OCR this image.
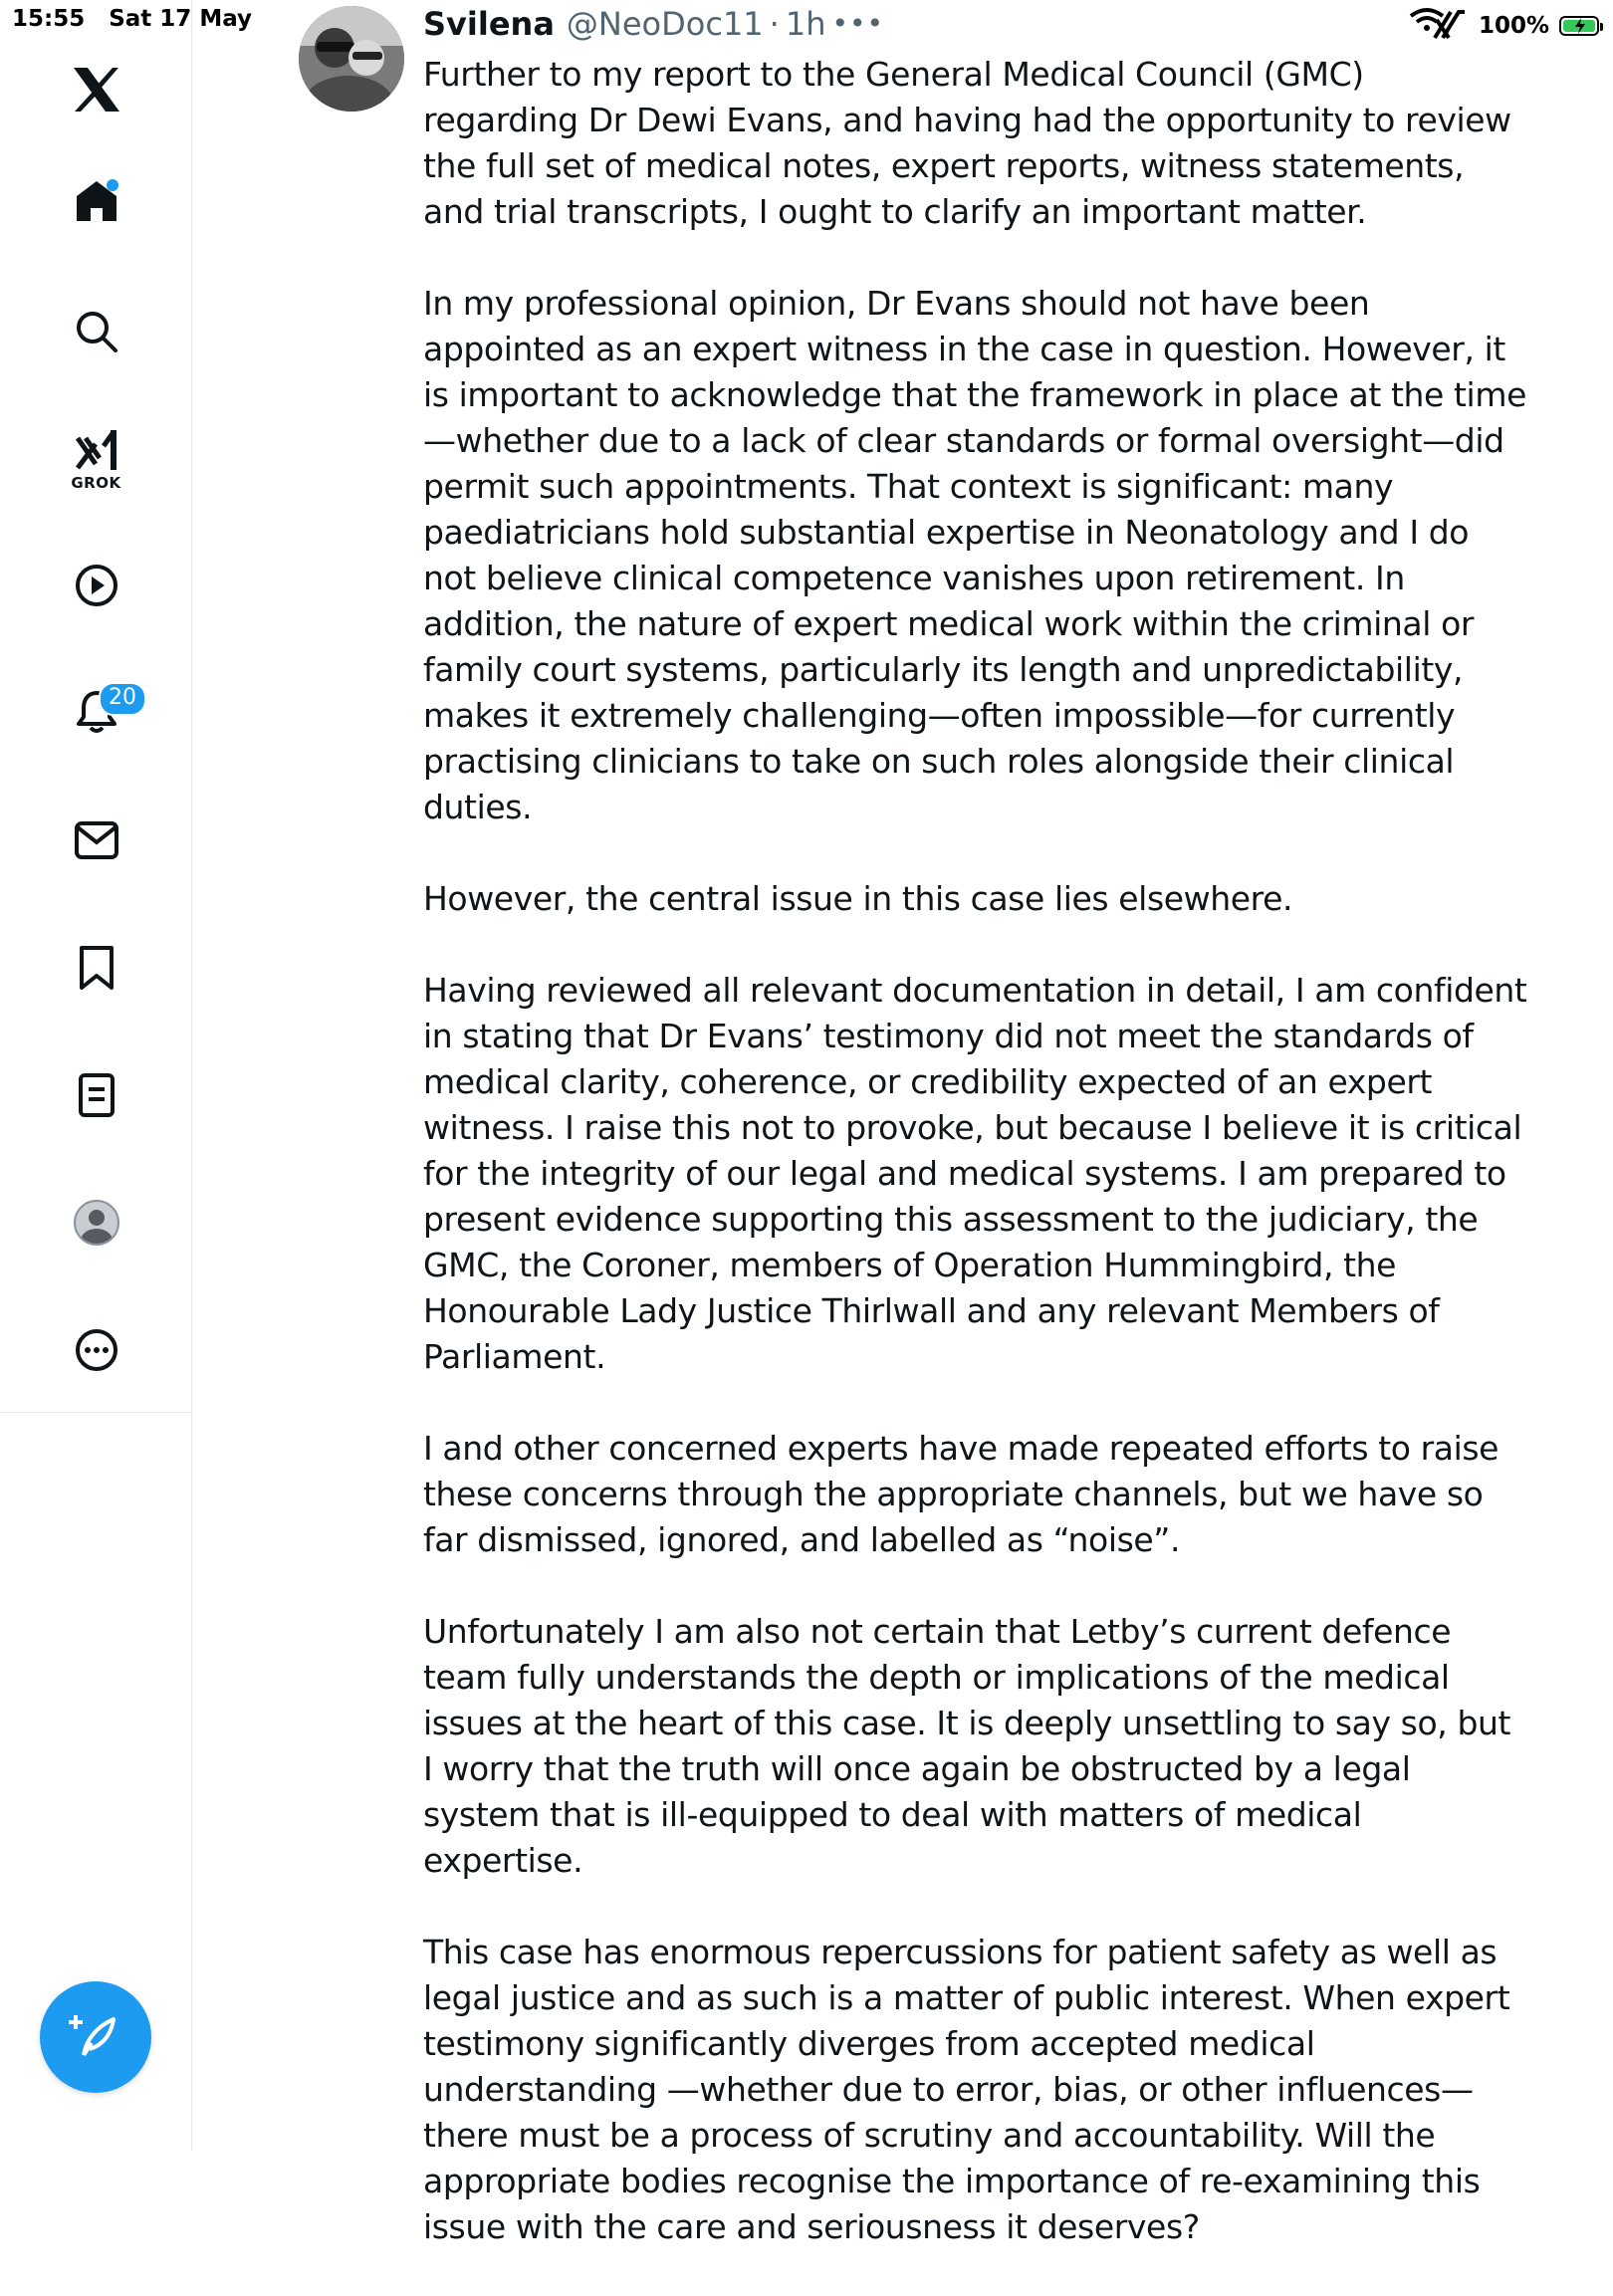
15:55 Sat 17 May	100%
GROK
20
Svilena @NeoDoc11 · 1h •••

Further to my report to the General Medical Council (GMC) regarding Dr Dewi Evans, and having had the opportunity to review the full set of medical notes, expert reports, witness statements, and trial transcripts, I ought to clarify an important matter.

In my professional opinion, Dr Evans should not have been appointed as an expert witness in the case in question. However, it is important to acknowledge that the framework in place at the time—whether due to a lack of clear standards or formal oversight—did permit such appointments. That context is significant: many paediatricians hold substantial expertise in Neonatology and I do not believe clinical competence vanishes upon retirement. In addition, the nature of expert medical work within the criminal or family court systems, particularly its length and unpredictability, makes it extremely challenging—often impossible—for currently practising clinicians to take on such roles alongside their clinical duties.

However, the central issue in this case lies elsewhere.

Having reviewed all relevant documentation in detail, I am confident in stating that Dr Evans’ testimony did not meet the standards of medical clarity, coherence, or credibility expected of an expert witness. I raise this not to provoke, but because I believe it is critical for the integrity of our legal and medical systems. I am prepared to present evidence supporting this assessment to the judiciary, the GMC, the Coroner, members of Operation Hummingbird, the Honourable Lady Justice Thirlwall and any relevant Members of Parliament.

I and other concerned experts have made repeated efforts to raise these concerns through the appropriate channels, but we have so far dismissed, ignored, and labelled as “noise”.

Unfortunately I am also not certain that Letby’s current defence team fully understands the depth or implications of the medical issues at the heart of this case. It is deeply unsettling to say so, but I worry that the truth will once again be obstructed by a legal system that is ill-equipped to deal with matters of medical expertise.

This case has enormous repercussions for patient safety as well as legal justice and as such is a matter of public interest. When expert testimony significantly diverges from accepted medical understanding —whether due to error, bias, or other influences—there must be a process of scrutiny and accountability. Will the appropriate bodies recognise the importance of re-examining this issue with the care and seriousness it deserves?
